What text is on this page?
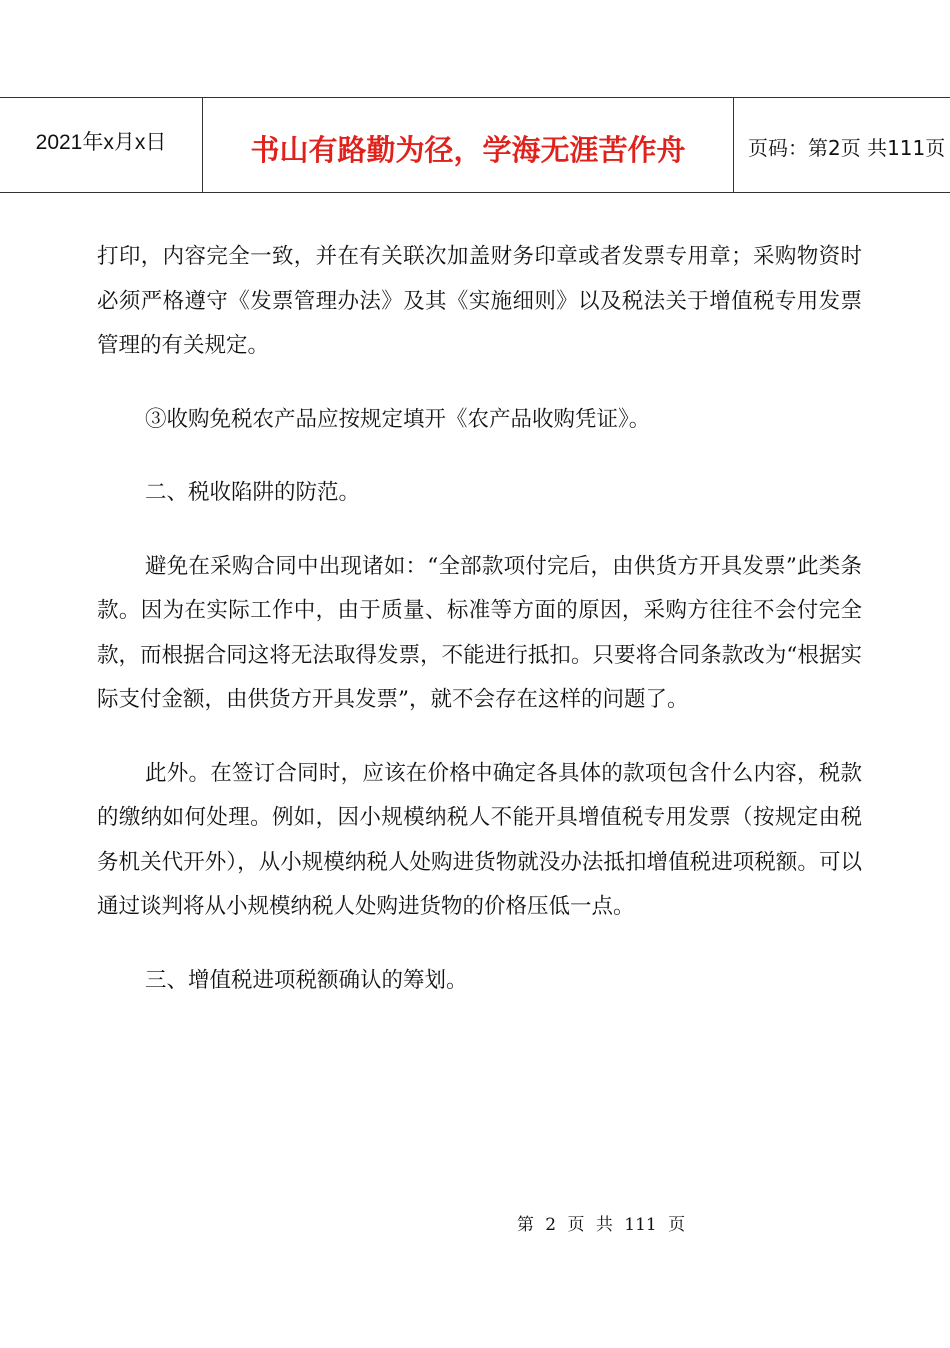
2021年x月x日	书山有路勤为径，学海无涯苦作舟	页码：第2页 共111页

打印，内容完全一致，并在有关联次加盖财务印章或者发票专用章；采购物资时必须严格遵守《发票管理办法》及其《实施细则》以及税法关于增值税专用发票管理的有关规定。

③收购免税农产品应按规定填开《农产品收购凭证》。

二、税收陷阱的防范。

避免在采购合同中出现诸如：“全部款项付完后，由供货方开具发票”此类条款。因为在实际工作中，由于质量、标准等方面的原因，采购方往往不会付完全款，而根据合同这将无法取得发票，不能进行抵扣。只要将合同条款改为“根据实际支付金额，由供货方开具发票”，就不会存在这样的问题了。

此外。在签订合同时，应该在价格中确定各具体的款项包含什么内容，税款的缴纳如何处理。例如，因小规模纳税人不能开具增值税专用发票（按规定由税务机关代开外），从小规模纳税人处购进货物就没办法抵扣增值税进项税额。可以通过谈判将从小规模纳税人处购进货物的价格压低一点。

三、增值税进项税额确认的筹划。

第 2 页 共 111 页
